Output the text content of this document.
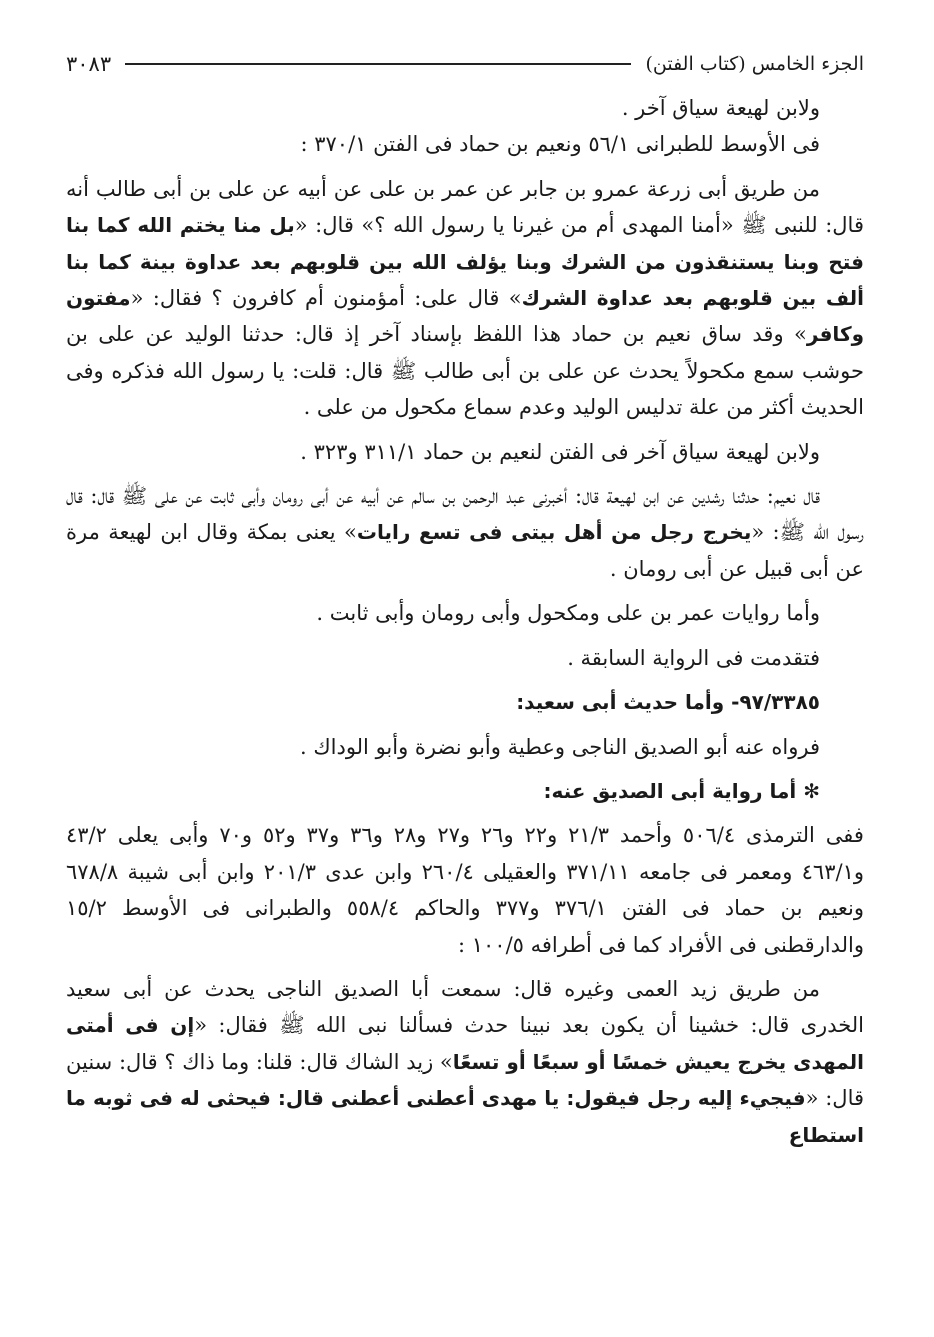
الجزء الخامس (كتاب الفتن)
٣٠٨٣

ولابن لهيعة سياق آخر .

فى الأوسط للطبرانى ٥٦/١ ونعيم بن حماد فى الفتن ٣٧٠/١ :

من طريق أبى زرعة عمرو بن جابر عن عمر بن على عن أبيه عن على بن أبى طالب أنه قال: للنبى ﷺ «أمنا المهدى أم من غيرنا يا رسول الله ؟» قال: «بل منا يختم الله كما بنا فتح وبنا يستنقذون من الشرك وبنا يؤلف الله بين قلوبهم بعد عداوة بينة كما بنا ألف بين قلوبهم بعد عداوة الشرك» قال على: أمؤمنون أم كافرون ؟ فقال: «مفتون وكافر» وقد ساق نعيم بن حماد هذا اللفظ بإسناد آخر إذ قال: حدثنا الوليد عن على بن حوشب سمع مكحولاً يحدث عن على بن أبى طالب ﷺ قال: قلت: يا رسول الله فذكره وفى الحديث أكثر من علة تدليس الوليد وعدم سماع مكحول من على .

ولابن لهيعة سياق آخر فى الفتن لنعيم بن حماد ٣١١/١ و٣٢٣ .

قال نعيم: حدثنا رشدين عن ابن لهيعة قال: أخبرنى عبد الرحمن بن سالم عن أبيه عن أبى رومان وأبى ثابت عن على ﷺ قال: قال رسول الله ﷺ: «يخرج رجل من أهل بيتى فى تسع رايات» يعنى بمكة وقال ابن لهيعة مرة عن أبى قبيل عن أبى رومان .

وأما روايات عمر بن على ومكحول وأبى رومان وأبى ثابت .

فتقدمت فى الرواية السابقة .

٩٧/٣٣٨٥- وأما حديث أبى سعيد:

فرواه عنه أبو الصديق الناجى وعطية وأبو نضرة وأبو الوداك .

✻ أما رواية أبى الصديق عنه:

ففى الترمذى ٥٠٦/٤ وأحمد ٢١/٣ و٢٢ و٢٦ و٢٧ و٢٨ و٣٦ و٣٧ و٥٢ و٧٠ وأبى يعلى ٤٣/٢ و٤٦٣/١ ومعمر فى جامعه ٣٧١/١١ والعقيلى ٢٦٠/٤ وابن عدى ٢٠١/٣ وابن أبى شيبة ٦٧٨/٨ ونعيم بن حماد فى الفتن ٣٧٦/١ و٣٧٧ والحاكم ٥٥٨/٤ والطبرانى فى الأوسط ١٥/٢ والدارقطنى فى الأفراد كما فى أطرافه ١٠٠/٥ :

من طريق زيد العمى وغيره قال: سمعت أبا الصديق الناجى يحدث عن أبى سعيد الخدرى قال: خشينا أن يكون بعد نبينا حدث فسألنا نبى الله ﷺ فقال: «إن فى أمتى المهدى يخرج يعيش خمسًا أو سبعًا أو تسعًا» زيد الشاك قال: قلنا: وما ذاك ؟ قال: سنين قال: «فيجيء إليه رجل فيقول: يا مهدى أعطنى أعطنى قال: فيحثى له فى ثوبه ما استطاع
